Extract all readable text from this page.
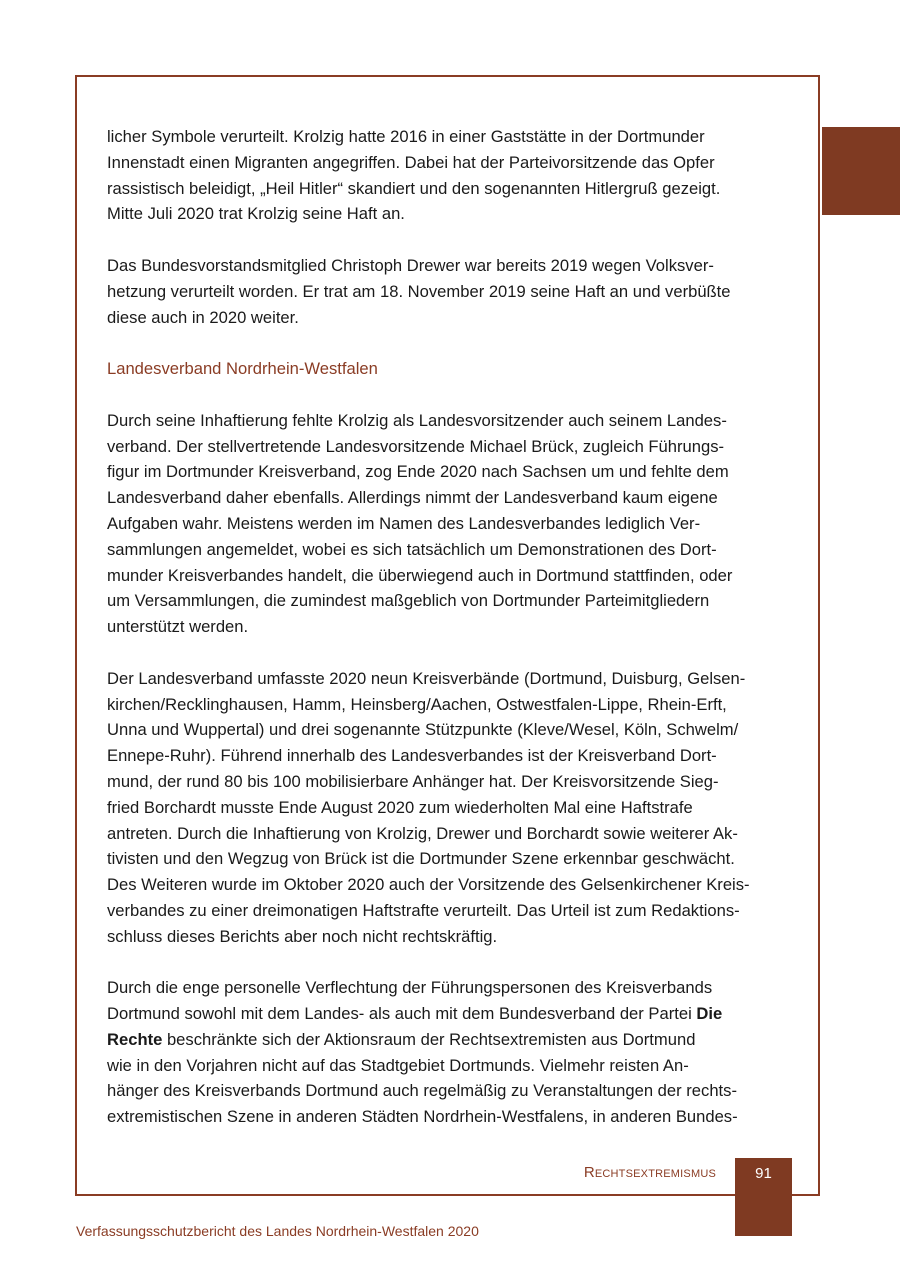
licher Symbole verurteilt. Krolzig hatte 2016 in einer Gaststätte in der Dortmunder
Innenstadt einen Migranten angegriffen. Dabei hat der Parteivorsitzende das Opfer
rassistisch beleidigt, „Heil Hitler“ skandiert und den sogenannten Hitlergruß gezeigt.
Mitte Juli 2020 trat Krolzig seine Haft an.

Das Bundesvorstandsmitglied Christoph Drewer war bereits 2019 wegen Volksver-
hetzung verurteilt worden. Er trat am 18. November 2019 seine Haft an und verbüßte
diese auch in 2020 weiter.

Landesverband Nordrhein-Westfalen

Durch seine Inhaftierung fehlte Krolzig als Landesvorsitzender auch seinem Landes-
verband. Der stellvertretende Landesvorsitzende Michael Brück, zugleich Führungs-
figur im Dortmunder Kreisverband, zog Ende 2020 nach Sachsen um und fehlte dem
Landesverband daher ebenfalls. Allerdings nimmt der Landesverband kaum eigene
Aufgaben wahr. Meistens werden im Namen des Landesverbandes lediglich Ver-
sammlungen angemeldet, wobei es sich tatsächlich um Demonstrationen des Dort-
munder Kreisverbandes handelt, die überwiegend auch in Dortmund stattfinden, oder
um Versammlungen, die zumindest maßgeblich von Dortmunder Parteimitgliedern
unterstützt werden.

Der Landesverband umfasste 2020 neun Kreisverbände (Dortmund, Duisburg, Gelsen-
kirchen/Recklinghausen, Hamm, Heinsberg/Aachen, Ostwestfalen-Lippe, Rhein-Erft,
Unna und Wuppertal) und drei sogenannte Stützpunkte (Kleve/Wesel, Köln, Schwelm/
Ennepe-Ruhr). Führend innerhalb des Landesverbandes ist der Kreisverband Dort-
mund, der rund 80 bis 100 mobilisierbare Anhänger hat. Der Kreisvorsitzende Sieg-
fried Borchardt musste Ende August 2020 zum wiederholten Mal eine Haftstrafe
antreten. Durch die Inhaftierung von Krolzig, Drewer und Borchardt sowie weiterer Ak-
tivisten und den Wegzug von Brück ist die Dortmunder Szene erkennbar geschwächt.
Des Weiteren wurde im Oktober 2020 auch der Vorsitzende des Gelsenkirchener Kreis-
verbandes zu einer dreimonatigen Haftstrafte verurteilt. Das Urteil ist zum Redaktions-
schluss dieses Berichts aber noch nicht rechtskräftig.

Durch die enge personelle Verflechtung der Führungspersonen des Kreisverbands
Dortmund sowohl mit dem Landes- als auch mit dem Bundesverband der Partei Die
Rechte beschränkte sich der Aktionsraum der Rechtsextremisten aus Dortmund
wie in den Vorjahren nicht auf das Stadtgebiet Dortmunds. Vielmehr reisten An-
hänger des Kreisverbands Dortmund auch regelmäßig zu Veranstaltungen der rechts-
extremistischen Szene in anderen Städten Nordrhein-Westfalens, in anderen Bundes-

Rechtsextremismus	91
Verfassungsschutzbericht des Landes Nordrhein-Westfalen 2020
